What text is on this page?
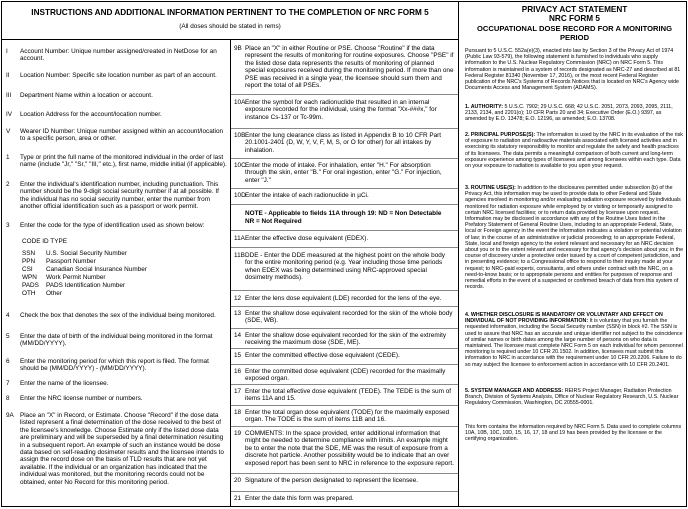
INSTRUCTIONS AND ADDITIONAL INFORMATION PERTINENT TO THE COMPLETION OF NRC FORM 5
(All doses should be stated in rems)
I Account Number: Unique number assigned/created in NetDose for an account.
II Location Number: Specific site location number as part of an account.
III Department Name within a location or account.
IV Location Address for the account/location number.
V Wearer ID Number: Unique number assigned within an account/location to a specific person, area or other.
1 Type or print the full name of the monitored individual in the order of last name (include "Jr," "Sr," "III," etc.), first name, middle initial (if applicable).
2 Enter the individual's identification number, including punctuation. This number should be the 9-digit social security number if at all possible. If the individual has no social security number, enter the number from another official identification such as a passport or work permit.
3 Enter the code for the type of identification used as shown below:
CODE ID TYPE
SSN U.S. Social Security Number
PPN Passport Number
CSI Canadian Social Insurance Number
WPN Work Permit Number
PADS PADS Identification Number
OTH Other
4 Check the box that denotes the sex of the individual being monitored.
5 Enter the date of birth of the individual being monitored in the format (MM/DD/YYYY).
6 Enter the monitoring period for which this report is filed. The format should be (MM/DD/YYYY) - (MM/DD/YYYY).
7 Enter the name of the licensee.
8 Enter the NRC license number or numbers.
9A Place an "X" in Record, or Estimate. Choose "Record" if the dose data listed represent a final determination of the dose received to the best of the licensee's knowledge. Choose Estimate only if the listed dose data are preliminary and will be superseded by a final determination resulting in a subsequent report. An example of such an instance would be dose data based on self-reading dosimeter results and the licensee intends to assign the record dose on the basis of TLD results that are not yet available. If the individual or an organization has indicated that the individual was monitored, but the monitoring records could not be obtained, enter No Record for this monitoring period.
9B Place an "X" in either Routine or PSE. Choose "Routine" if the data represent the results of monitoring for routine exposures. Choose "PSE" if the listed dose data represents the results of monitoring of planned special exposures received during the monitoring period. If more than one PSE was received in a single year, the licensee should sum them and report the total of all PSEs.
10A Enter the symbol for each radionuclide that resulted in an internal exposure recorded for the individual, using the format "Xx-###x," for instance Cs-137 or Tc-99m.
10B Enter the lung clearance class as listed in Appendix B to 10 CFR Part 20.1001-2401 (D, W, Y, V, F, M, S, or O for other) for all intakes by inhalation.
10C Enter the mode of intake. For inhalation, enter "H." For absorption through the skin, enter "B." For oral ingestion, enter "G." For injection, enter "J."
10D Enter the intake of each radionuclide in µCi.
NOTE - Applicable to fields 11A through 19: ND = Non Detectable
NR = Not Required
11A Enter the effective dose equivalent (EDEX).
11B DDE - Enter the DDE measured at the highest point on the whole body for the entire monitoring period (e.g. Year including those time periods when EDEX was being determined using NRC-approved special dosimetry methods).
12 Enter the lens dose equivalent (LDE) recorded for the lens of the eye.
13 Enter the shallow dose equivalent recorded for the skin of the whole body (SDE, WB).
14 Enter the shallow dose equivalent recorded for the skin of the extremity receiving the maximum dose (SDE, ME).
15 Enter the committed effective dose equivalent (CEDE).
16 Enter the committed dose equivalent (CDE) recorded for the maximally exposed organ.
17 Enter the total effective dose equivalent (TEDE). The TEDE is the sum of items 11A and 15.
18 Enter the total organ dose equivalent (TODE) for the maximally exposed organ. The TODE is the sum of items 11B and 16.
19 COMMENTS: In the space provided, enter additional information that might be needed to determine compliance with limits. An example might be to enter the note that the SDE, ME was the result of exposure from a discrete hot particle. Another possibility would be to indicate that an over exposed report has been sent to NRC in reference to the exposure report.
20 Signature of the person designated to represent the licensee.
21 Enter the date this form was prepared.
PRIVACY ACT STATEMENT
NRC FORM 5
OCCUPATIONAL DOSE RECORD FOR A MONITORING PERIOD
Pursuant to 5 U.S.C. 552a(e)(3), enacted into law by Section 3 of the Privacy Act of 1974 (Public Law 93-579), the following statement is furnished to individuals who supply information to the U.S. Nuclear Regulatory Commission (NRC) on NRC Form 5. This information is maintained in a system of records designated as NRC-27 and described at 81 Federal Register 81340 (November 17, 2016), or the most recent Federal Register publication of the NRC's Systems of Records Notices that is located on NRC's Agency wide Documents Access and Management System (ADAMS).
1. AUTHORITY: 5 U.S.C. 7902; 29 U.S.C. 668; 42 U.S.C. 2051, 2073, 2093, 2095, 2111, 2133, 2134, and 2201(o); 10 CFR Parts 20 and 34; Executive Order (E.O.) 9397, as amended by E.O. 13478; E.O. 12196, as amended; E.O. 13708.
2. PRINCIPAL PURPOSE(S): The information is used by the NRC in its evaluation of the risk of exposure to radiation and radioactive materials associated with licensed activities and in exercising its statutory responsibility to monitor and regulate the safety and health practices of its licensees. The data permits a meaningful comparison of both current and long-term exposure experience among types of licensees and among licensees within each type. Data on your exposure to radiation is available to you upon your request.
3. ROUTINE USE(S): In addition to the disclosures permitted under subsection (b) of the Privacy Act, this information may be used to provide data to other Federal and State agencies involved in monitoring and/or evaluating radiation exposure received by individuals monitored for radiation exposure while employed by or visiting or temporarily assigned to certain NRC licensed facilities; or to return data provided by licensee upon request. Information may be disclosed in accordance with any of the Routine Uses listed in the Prefatory Statement of General Routine Uses, including to an appropriate Federal, State, local or Foreign agency in the event the information indicates a violation or potential violation of law; in the course of an administrative or judicial proceeding; to an appropriate Federal, State, local and foreign agency to the extent relevant and necessary for an NRC decision about you or to the extent relevant and necessary for that agency's decision about you; in the course of discovery under a protective order issued by a court of competent jurisdiction, and in presenting evidence; to a Congressional office to respond to their inquiry made at your request; to NRC-paid experts, consultants, and others under contract with the NRC, on a need-to-know basis; or to appropriate persons and entities for purposes of response and remedial efforts in the event of a suspected or confirmed breach of data from this system of records.
4. WHETHER DISCLOSURE IS MANDATORY OR VOLUNTARY AND EFFECT ON INDIVIDUAL OF NOT PROVIDING INFORMATION: It is voluntary that you furnish the requested information, including the Social Security number (SSN) in block #2. The SSN is used to assure that NRC has an accurate and unique identifier not subject to the coincidence of similar names or birth dates among the large number of persons on who data is maintained. The licensee must complete NRC Form 5 on each individual for whom personnel monitoring is required under 10 CFR 20.1502. In addition, licensees must submit this information to NRC in accordance with the requirement under 10 CFR 20.2206. Failure to do so may subject the licensee to enforcement action in accordance with 10 CFR 20.2401.
5. SYSTEM MANAGER AND ADDRESS: REIRS Project Manager, Radiation Protection Branch, Division of Systems Analysis, Office of Nuclear Regulatory Research, U.S. Nuclear Regulatory Commission, Washington, DC 20555-0001.
This form contains the information required by NRC Form 5. Data used to complete columns 10A, 10B, 10C, 10D, 15, 16, 17, 18 and 19 has been provided by the licensee or the certifying organization.
